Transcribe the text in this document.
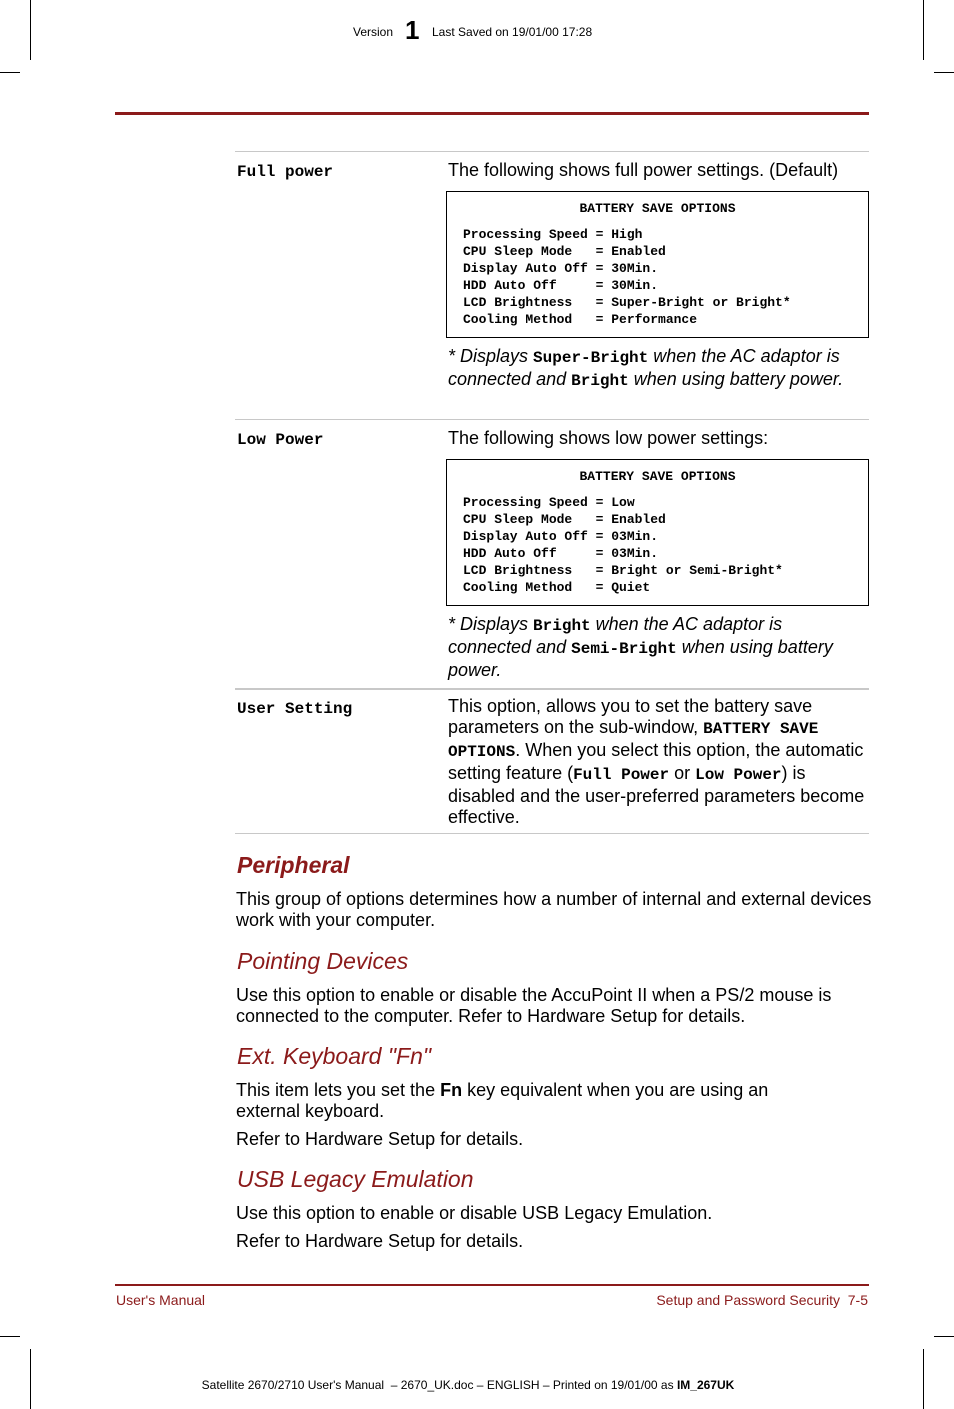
Version 1 Last Saved on 19/01/00 17:28
Full power	The following shows full power settings. (Default)
BATTERY SAVE OPTIONS
Processing Speed = High
CPU Sleep Mode   = Enabled
Display Auto Off = 30Min.
HDD Auto Off     = 30Min.
LCD Brightness   = Super-Bright or Bright*
Cooling Method   = Performance
* Displays Super-Bright when the AC adaptor is connected and Bright when using battery power.
Low Power	The following shows low power settings:
BATTERY SAVE OPTIONS
Processing Speed = Low
CPU Sleep Mode   = Enabled
Display Auto Off = 03Min.
HDD Auto Off     = 03Min.
LCD Brightness   = Bright or Semi-Bright*
Cooling Method   = Quiet
* Displays Bright when the AC adaptor is connected and Semi-Bright when using battery power.
User Setting	This option, allows you to set the battery save parameters on the sub-window, BATTERY SAVE OPTIONS. When you select this option, the automatic setting feature (Full Power or Low Power) is disabled and the user-preferred parameters become effective.
Peripheral
This group of options determines how a number of internal and external devices work with your computer.
Pointing Devices
Use this option to enable or disable the AccuPoint II when a PS/2 mouse is connected to the computer. Refer to Hardware Setup for details.
Ext. Keyboard "Fn"
This item lets you set the Fn key equivalent when you are using an external keyboard.
Refer to Hardware Setup for details.
USB Legacy Emulation
Use this option to enable or disable USB Legacy Emulation.
Refer to Hardware Setup for details.
User's Manual	Setup and Password Security  7-5

Satellite 2670/2710 User's Manual  – 2670_UK.doc – ENGLISH – Printed on 19/01/00 as IM_267UK
